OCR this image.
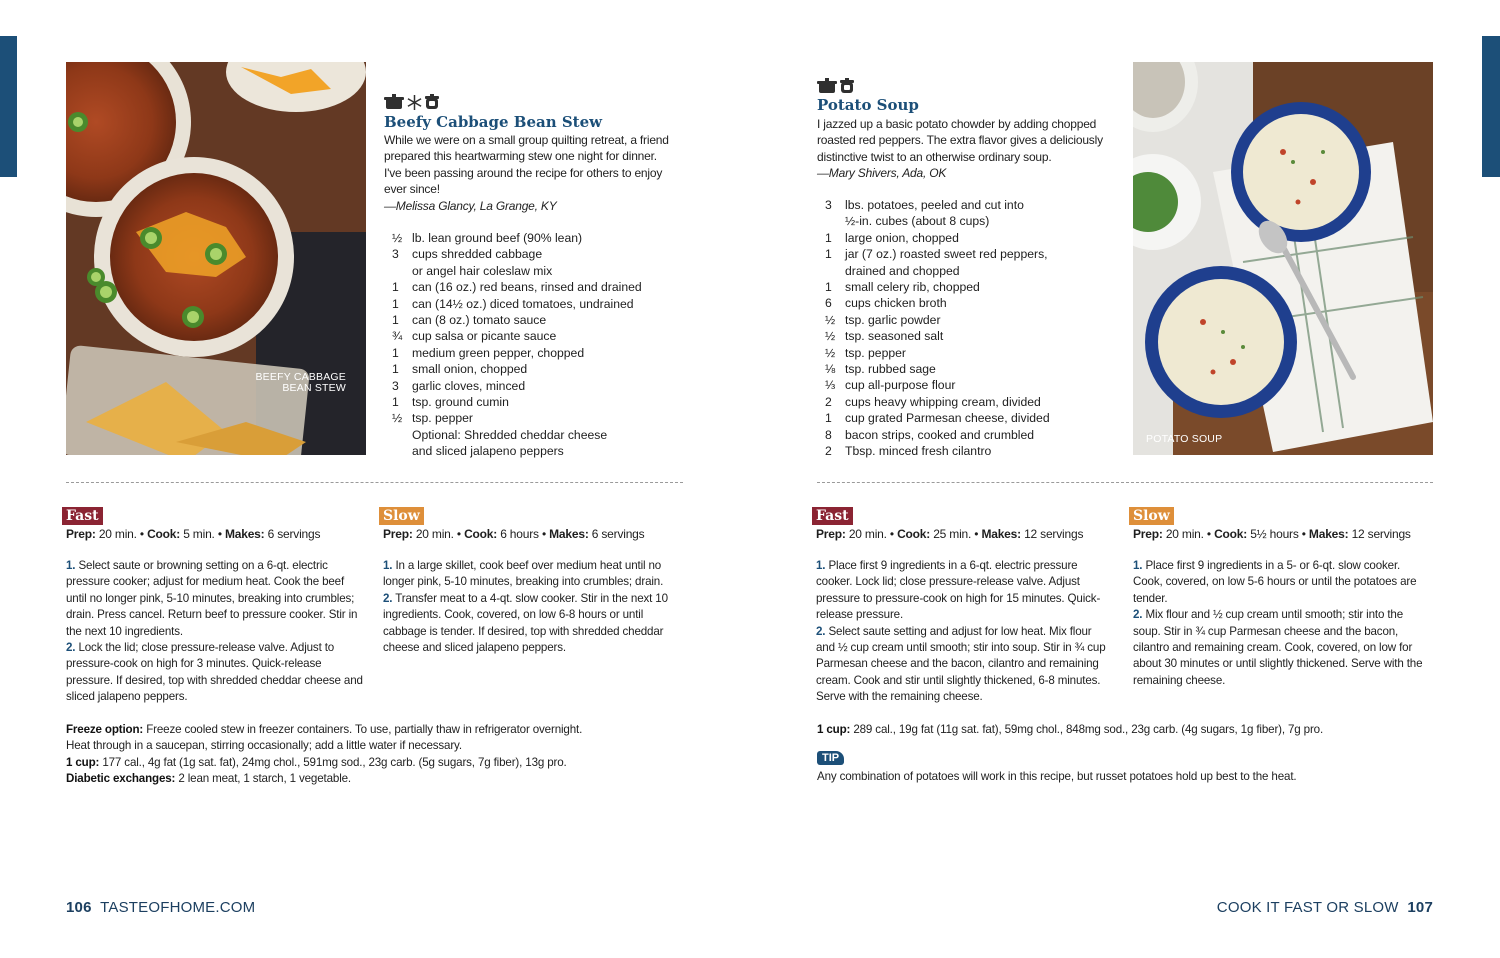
BEEFY CABBAGE
BEAN STEW
Beefy Cabbage Bean Stew
While we were on a small group quilting retreat, a friend prepared this heartwarming stew one night for dinner. I've been passing around the recipe for others to enjoy ever since!
—Melissa Glancy, La Grange, KY
½ lb. lean ground beef (90% lean)
3	cups shredded cabbage or angel hair coleslaw mix
1	can (16 oz.) red beans, rinsed and drained
1	can (14½ oz.) diced tomatoes, undrained
1	can (8 oz.) tomato sauce
¾ cup salsa or picante sauce
1	medium green pepper, chopped
1	small onion, chopped
3	garlic cloves, minced
1	tsp. ground cumin
½ tsp. pepper
Optional: Shredded cheddar cheese and sliced jalapeno peppers
Fast
Prep: 20 min. • Cook: 5 min. • Makes: 6 servings

1. Select saute or browning setting on a 6-qt. electric pressure cooker; adjust for medium heat. Cook the beef until no longer pink, 5-10 minutes, breaking into crumbles; drain. Press cancel. Return beef to pressure cooker. Stir in the next 10 ingredients.

2. Lock the lid; close pressure-release valve. Adjust to pressure-cook on high for 3 minutes. Quick-release pressure. If desired, top with shredded cheddar cheese and sliced jalapeno peppers.

Slow
Prep: 20 min. • Cook: 6 hours • Makes: 6 servings

1. In a large skillet, cook beef over medium heat until no longer pink, 5-10 minutes, breaking into crumbles; drain.

2. Transfer meat to a 4-qt. slow cooker. Stir in the next 10 ingredients. Cook, covered, on low 6-8 hours or until cabbage is tender. If desired, top with shredded cheddar cheese and sliced jalapeno peppers.

Freeze option: Freeze cooled stew in freezer containers. To use, partially thaw in refrigerator overnight. Heat through in a saucepan, stirring occasionally; add a little water if necessary.
1 cup: 177 cal., 4g fat (1g sat. fat), 24mg chol., 591mg sod., 23g carb. (5g sugars, 7g fiber), 13g pro.
Diabetic exchanges: 2 lean meat, 1 starch, 1 vegetable.
106 TASTEOFHOME.COM
Potato Soup
I jazzed up a basic potato chowder by adding chopped roasted red peppers. The extra flavor gives a deliciously distinctive twist to an otherwise ordinary soup.
—Mary Shivers, Ada, OK
3	lbs. potatoes, peeled and cut into ½-in. cubes (about 8 cups)
1	large onion, chopped
1	jar (7 oz.) roasted sweet red peppers, drained and chopped
1	small celery rib, chopped
6	cups chicken broth
½ tsp. garlic powder
½ tsp. seasoned salt
½ tsp. pepper
⅛ tsp. rubbed sage
⅓ cup all-purpose flour
2	cups heavy whipping cream, divided
1	cup grated Parmesan cheese, divided
8	bacon strips, cooked and crumbled
2	Tbsp. minced fresh cilantro
POTATO SOUP
Fast
Prep: 20 min. • Cook: 25 min. • Makes: 12 servings

1. Place first 9 ingredients in a 6-qt. electric pressure cooker. Lock lid; close pressure-release valve. Adjust pressure to pressure-cook on high for 15 minutes. Quick-release pressure.

2. Select saute setting and adjust for low heat. Mix flour and ½ cup cream until smooth; stir into soup. Stir in ¾ cup Parmesan cheese and the bacon, cilantro and remaining cream. Cook and stir until slightly thickened, 6-8 minutes. Serve with the remaining cheese.

Slow
Prep: 20 min. • Cook: 5½ hours • Makes: 12 servings

1. Place first 9 ingredients in a 5- or 6-qt. slow cooker. Cook, covered, on low 5-6 hours or until the potatoes are tender.

2. Mix flour and ½ cup cream until smooth; stir into the soup. Stir in ¾ cup Parmesan cheese and the bacon, cilantro and remaining cream. Cook, covered, on low for about 30 minutes or until slightly thickened. Serve with the remaining cheese.

1 cup: 289 cal., 19g fat (11g sat. fat), 59mg chol., 848mg sod., 23g carb. (4g sugars, 1g fiber), 7g pro.
TIP
Any combination of potatoes will work in this recipe, but russet potatoes hold up best to the heat.
COOK IT FAST OR SLOW 107
